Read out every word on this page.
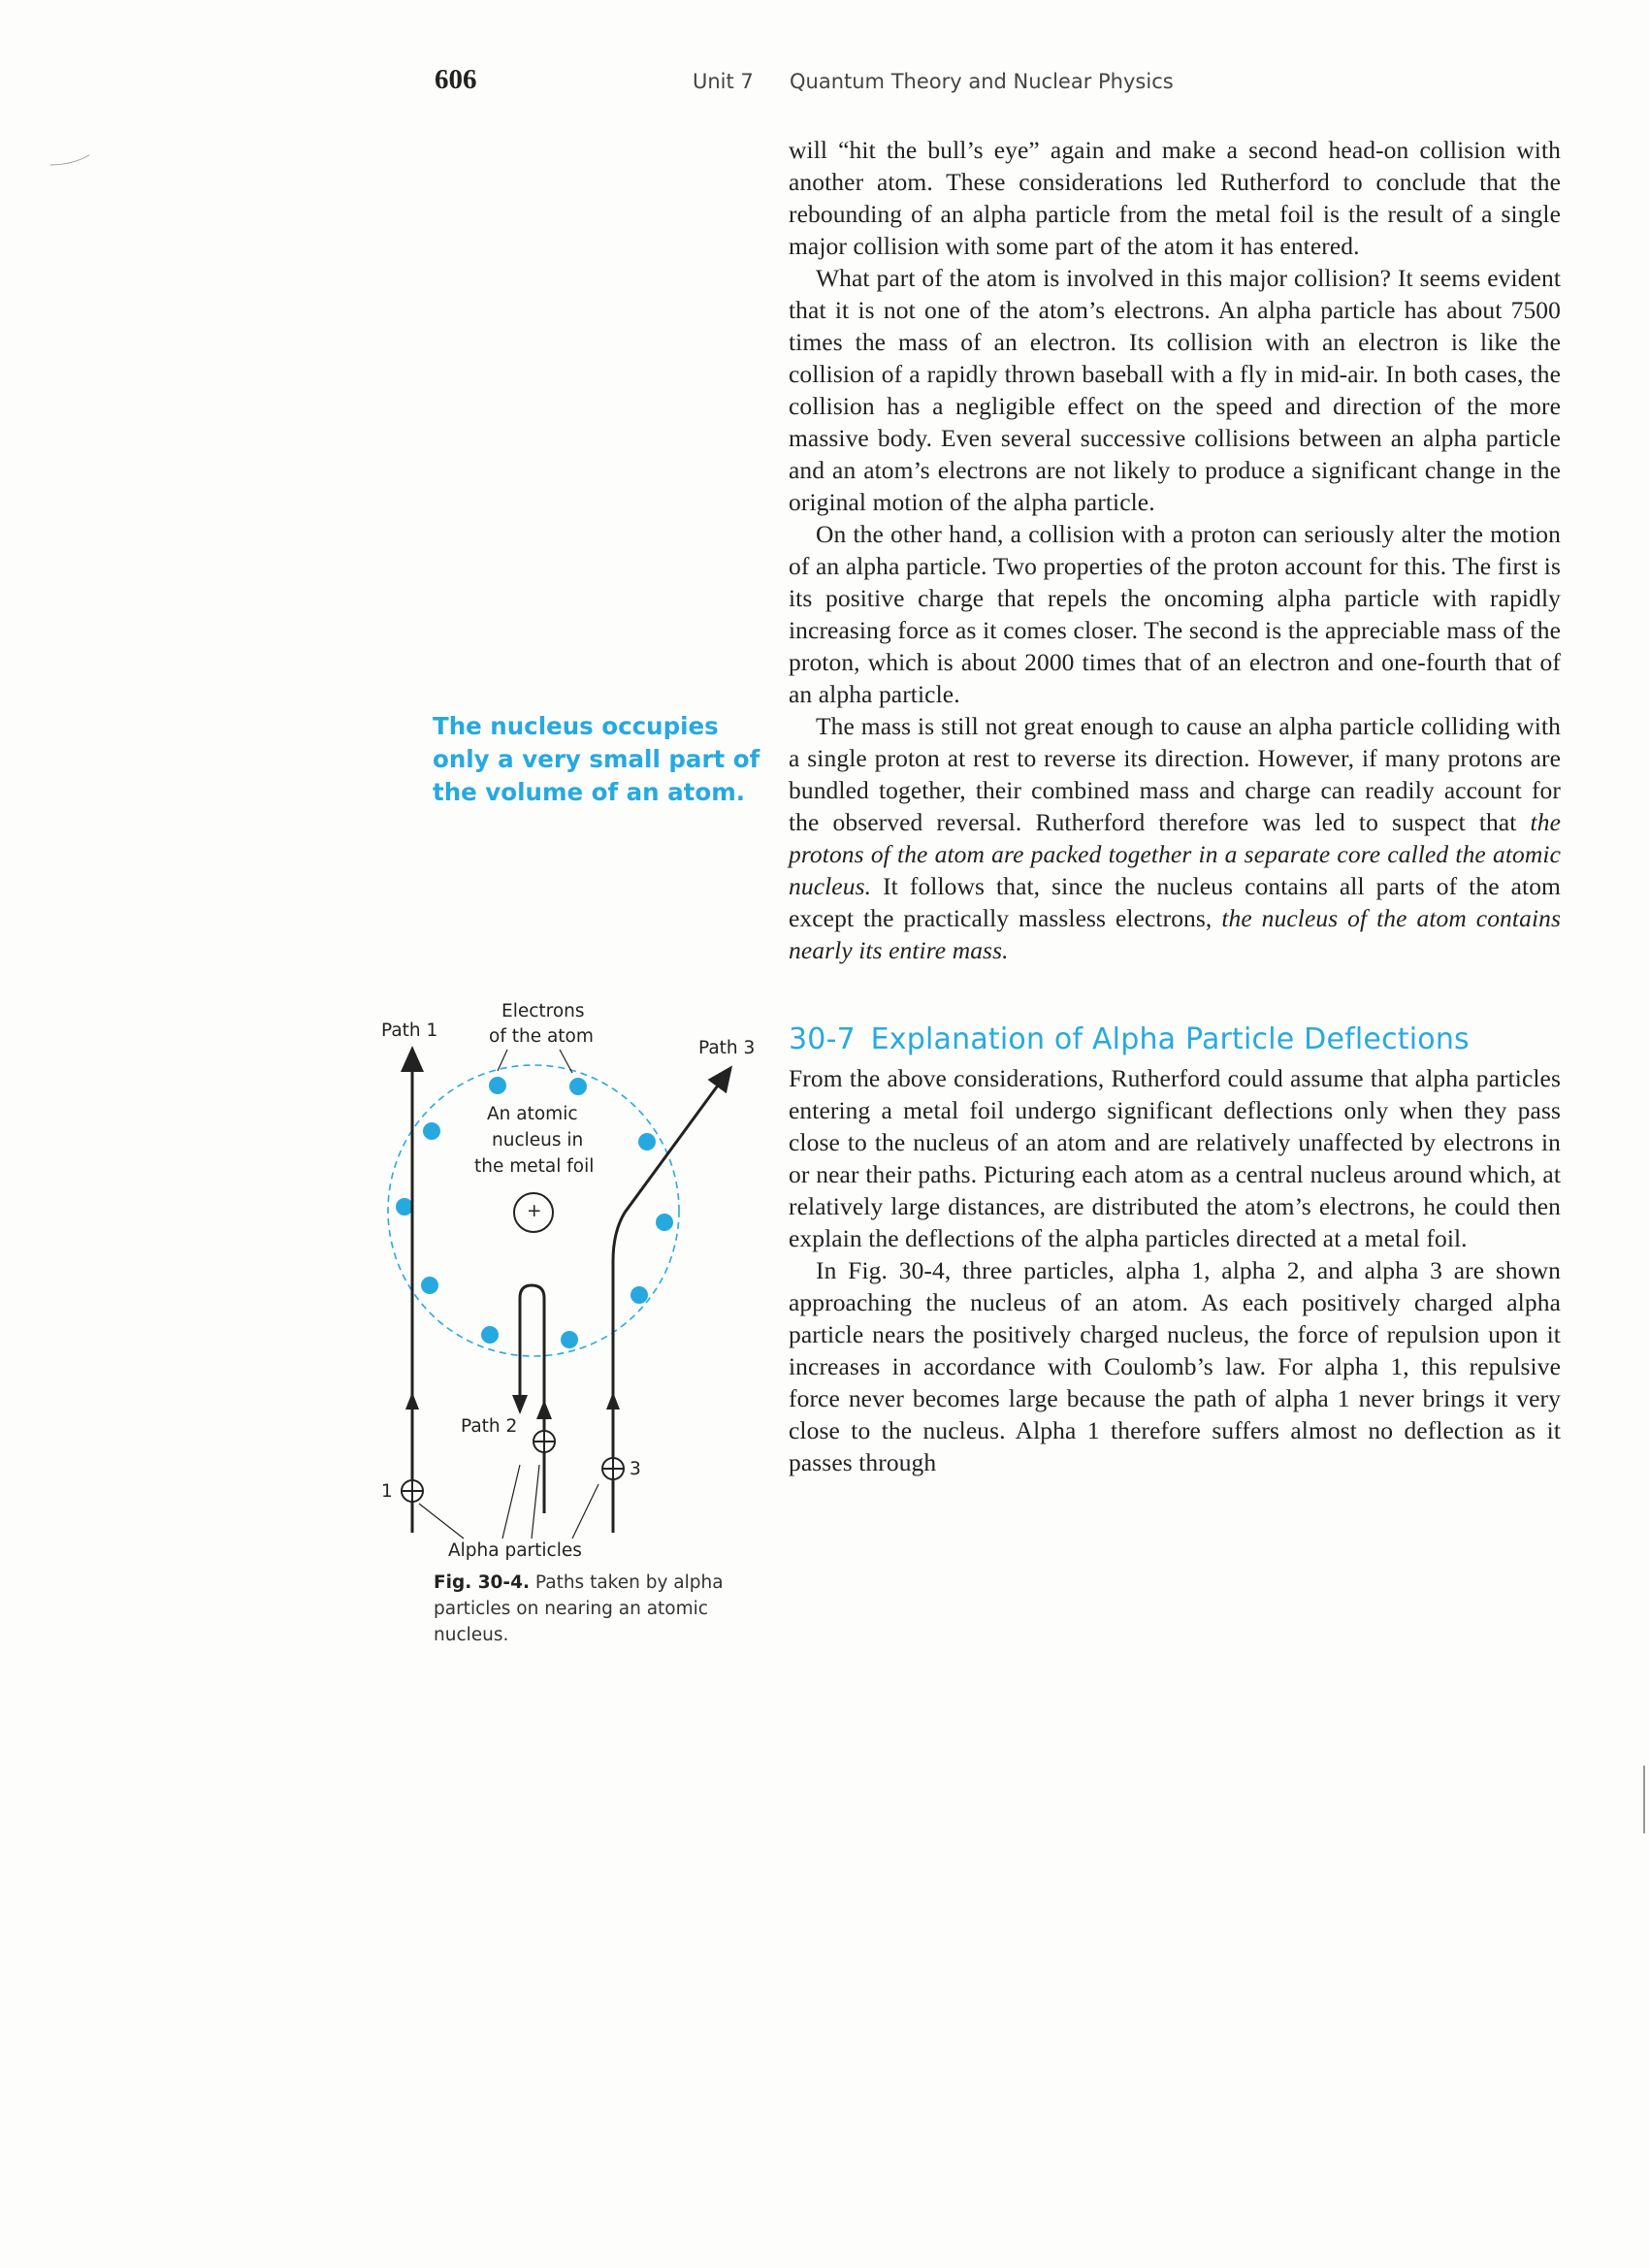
606	Unit 7 Quantum Theory and Nuclear Physics
The nucleus occupies only a very small part of the volume of an atom.

will “hit the bull’s eye” again and make a second head-on collision with another atom. These considerations led Rutherford to conclude that the rebounding of an alpha particle from the metal foil is the result of a single major collision with some part of the atom it has entered.

What part of the atom is involved in this major collision? It seems evident that it is not one of the atom’s electrons. An alpha particle has about 7500 times the mass of an electron. Its collision with an electron is like the collision of a rapidly thrown baseball with a fly in mid-air. In both cases, the collision has a negligible effect on the speed and direction of the more massive body. Even several successive collisions between an alpha particle and an atom’s electrons are not likely to produce a significant change in the original motion of the alpha particle.

On the other hand, a collision with a proton can seriously alter the motion of an alpha particle. Two properties of the proton account for this. The first is its positive charge that repels the oncoming alpha particle with rapidly increasing force as it comes closer. The second is the appreciable mass of the proton, which is about 2000 times that of an electron and one-fourth that of an alpha particle.

The mass is still not great enough to cause an alpha particle colliding with a single proton at rest to reverse its direction. However, if many protons are bundled together, their combined mass and charge can readily account for the observed reversal. Rutherford therefore was led to suspect that the protons of the atom are packed together in a separate core called the atomic nucleus. It follows that, since the nucleus contains all parts of the atom except the practically massless electrons, the nucleus of the atom contains nearly its entire mass.

30-7 Explanation of Alpha Particle Deflections

From the above considerations, Rutherford could assume that alpha particles entering a metal foil undergo significant deflections only when they pass close to the nucleus of an atom and are relatively unaffected by electrons in or near their paths. Picturing each atom as a central nucleus around which, at relatively large distances, are distributed the atom’s electrons, he could then explain the deflections of the alpha particles directed at a metal foil.

In Fig. 30-4, three particles, alpha 1, alpha 2, and alpha 3 are shown approaching the nucleus of an atom. As each positively charged alpha particle nears the positively charged nucleus, the force of repulsion upon it increases in accordance with Coulomb’s law. For alpha 1, this repulsive force never becomes large because the path of alpha 1 never brings it very close to the nucleus. Alpha 1 therefore suffers almost no deflection as it passes through

Path 1
Electrons
of the atom
Path 3
An atomic
nucleus in
the metal foil
+
Path 2
1
3
Alpha particles
Fig. 30-4. Paths taken by alpha particles on nearing an atomic nucleus.
